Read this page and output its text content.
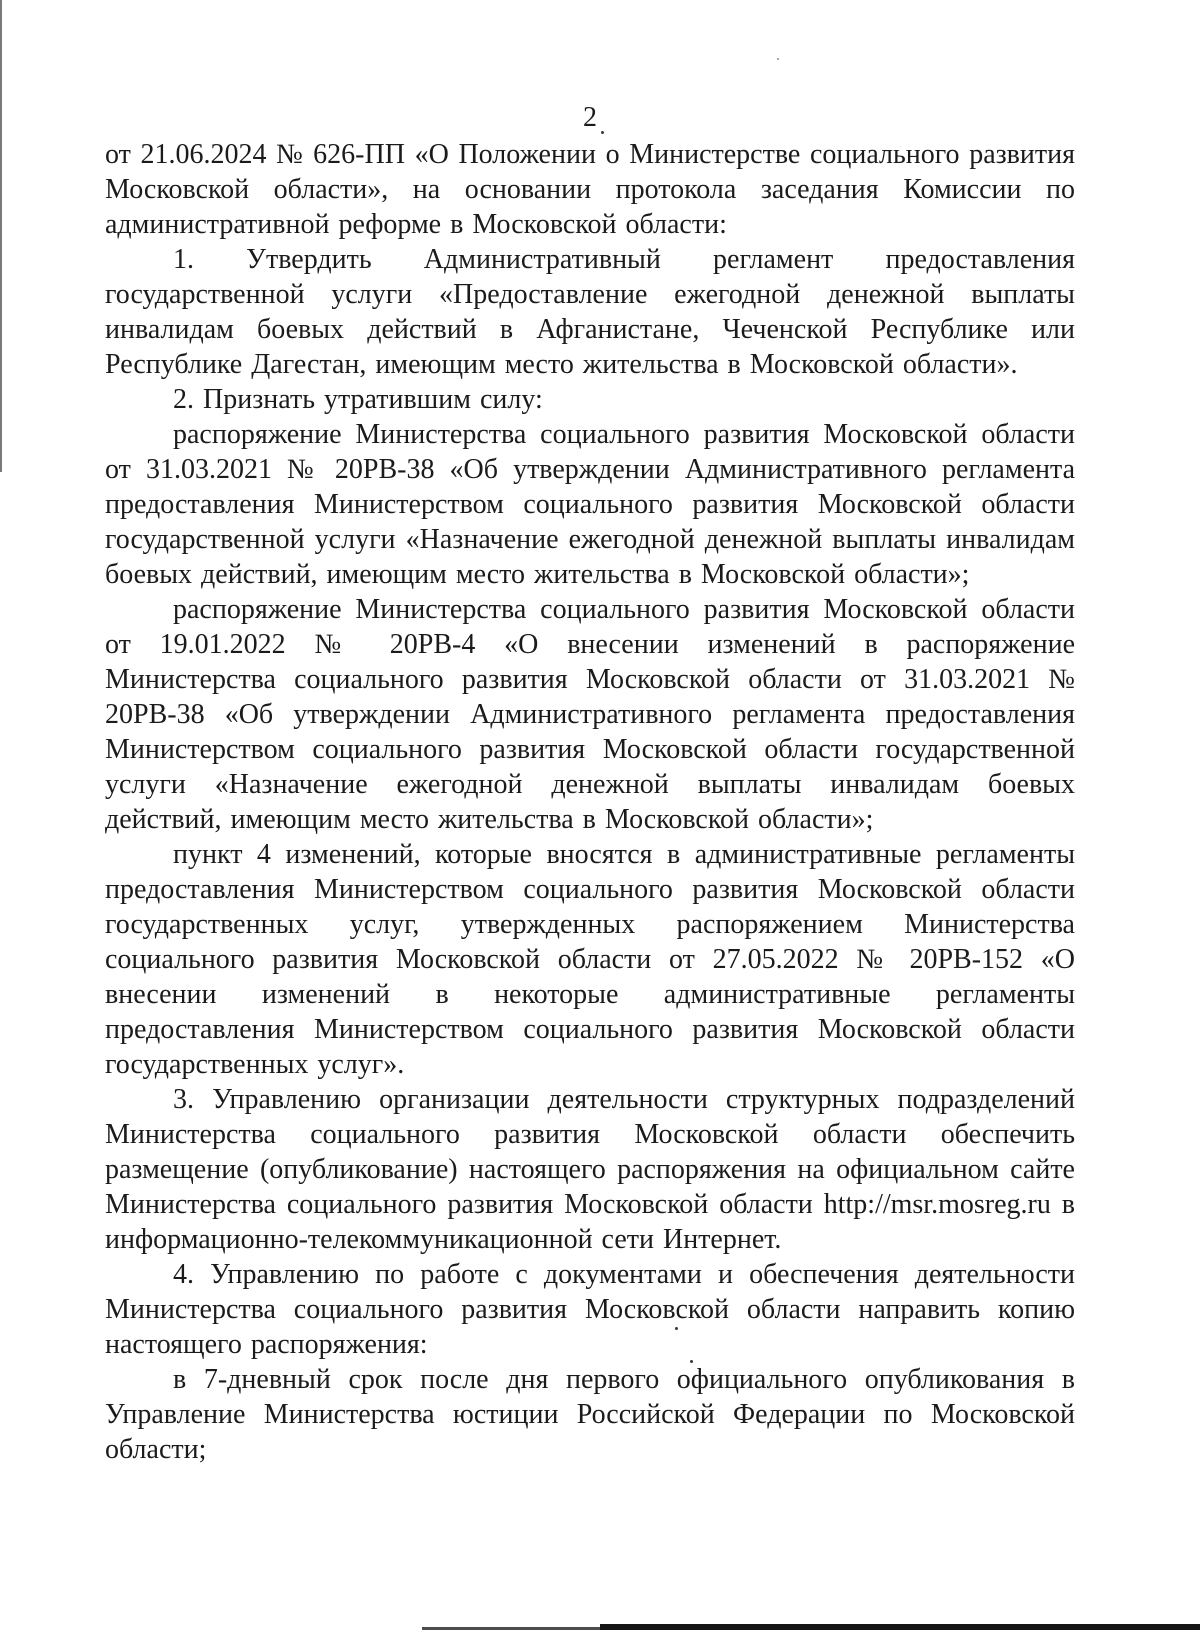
2

от 21.06.2024 № 626-ПП «О Положении о Министерстве социального развития Московской области», на основании протокола заседания Комиссии по административной реформе в Московской области:

1. Утвердить Административный регламент предоставления государственной услуги «Предоставление ежегодной денежной выплаты инвалидам боевых действий в Афганистане, Чеченской Республике или Республике Дагестан, имеющим место жительства в Московской области».

2. Признать утратившим силу:

распоряжение Министерства социального развития Московской области от 31.03.2021 № 20РВ-38 «Об утверждении Административного регламента предоставления Министерством социального развития Московской области государственной услуги «Назначение ежегодной денежной выплаты инвалидам боевых действий, имеющим место жительства в Московской области»;

распоряжение Министерства социального развития Московской области от 19.01.2022 № 20РВ-4 «О внесении изменений в распоряжение Министерства социального развития Московской области от 31.03.2021 № 20РВ-38 «Об утверждении Административного регламента предоставления Министерством социального развития Московской области государственной услуги «Назначение ежегодной денежной выплаты инвалидам боевых действий, имеющим место жительства в Московской области»;

пункт 4 изменений, которые вносятся в административные регламенты предоставления Министерством социального развития Московской области государственных услуг, утвержденных распоряжением Министерства социального развития Московской области от 27.05.2022 № 20РВ-152 «О внесении изменений в некоторые административные регламенты предоставления Министерством социального развития Московской области государственных услуг».

3. Управлению организации деятельности структурных подразделений Министерства социального развития Московской области обеспечить размещение (опубликование) настоящего распоряжения на официальном сайте Министерства социального развития Московской области http://msr.mosreg.ru в информационно-телекоммуникационной сети Интернет.

4. Управлению по работе с документами и обеспечения деятельности Министерства социального развития Московской области направить копию настоящего распоряжения:

в 7-дневный срок после дня первого официального опубликования в Управление Министерства юстиции Российской Федерации по Московской области;
